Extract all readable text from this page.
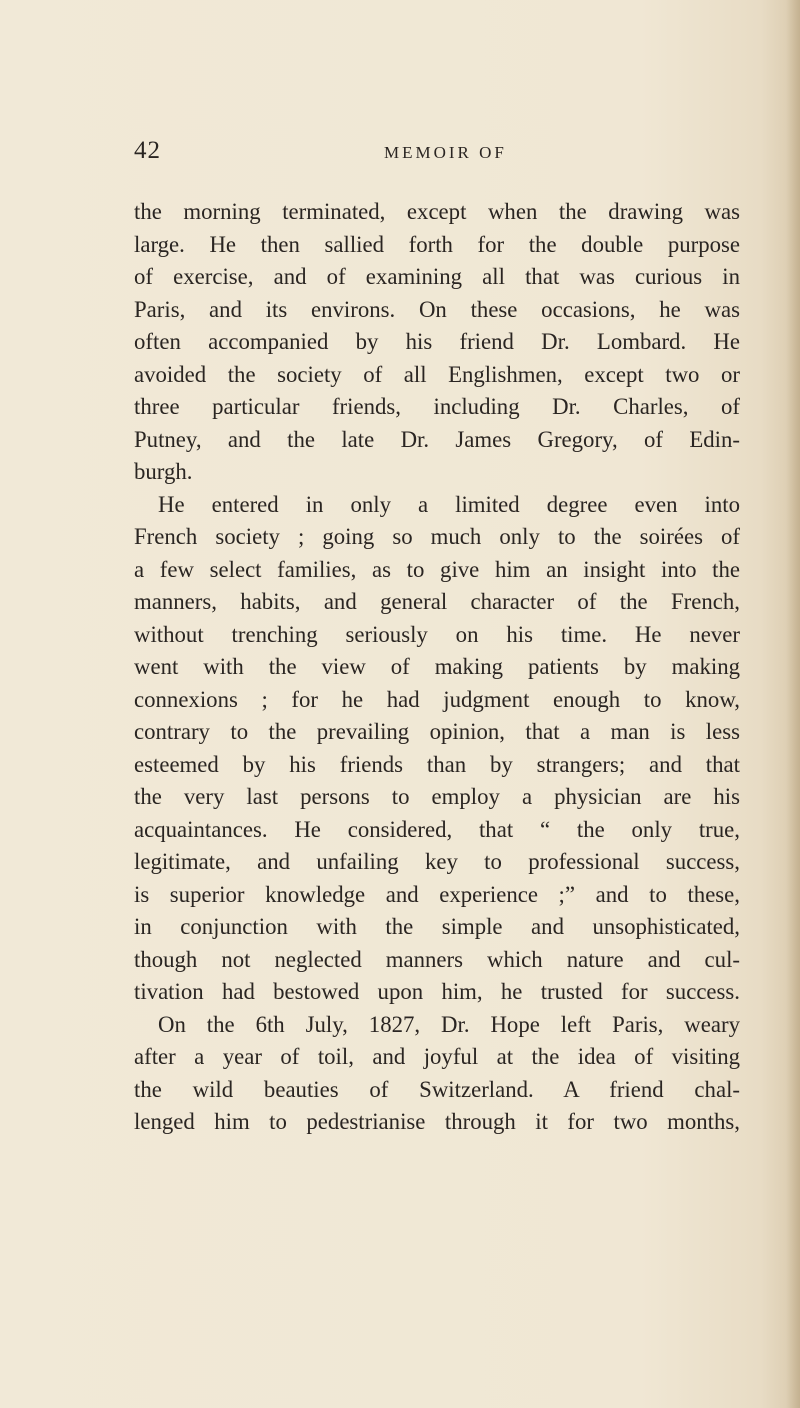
42	MEMOIR OF
the morning terminated, except when the drawing was
large. He then sallied forth for the double purpose
of exercise, and of examining all that was curious in
Paris, and its environs. On these occasions, he was
often accompanied by his friend Dr. Lombard. He
avoided the society of all Englishmen, except two or
three particular friends, including Dr. Charles, of
Putney, and the late Dr. James Gregory, of Edin-
burgh.
He entered in only a limited degree even into
French society ; going so much only to the soirées of
a few select families, as to give him an insight into the
manners, habits, and general character of the French,
without trenching seriously on his time. He never
went with the view of making patients by making
connexions ; for he had judgment enough to know,
contrary to the prevailing opinion, that a man is less
esteemed by his friends than by strangers; and that
the very last persons to employ a physician are his
acquaintances. He considered, that “ the only true,
legitimate, and unfailing key to professional success,
is superior knowledge and experience ;” and to these,
in conjunction with the simple and unsophisticated,
though not neglected manners which nature and cul-
tivation had bestowed upon him, he trusted for success.
On the 6th July, 1827, Dr. Hope left Paris, weary
after a year of toil, and joyful at the idea of visiting
the wild beauties of Switzerland. A friend chal-
lenged him to pedestrianise through it for two months,
